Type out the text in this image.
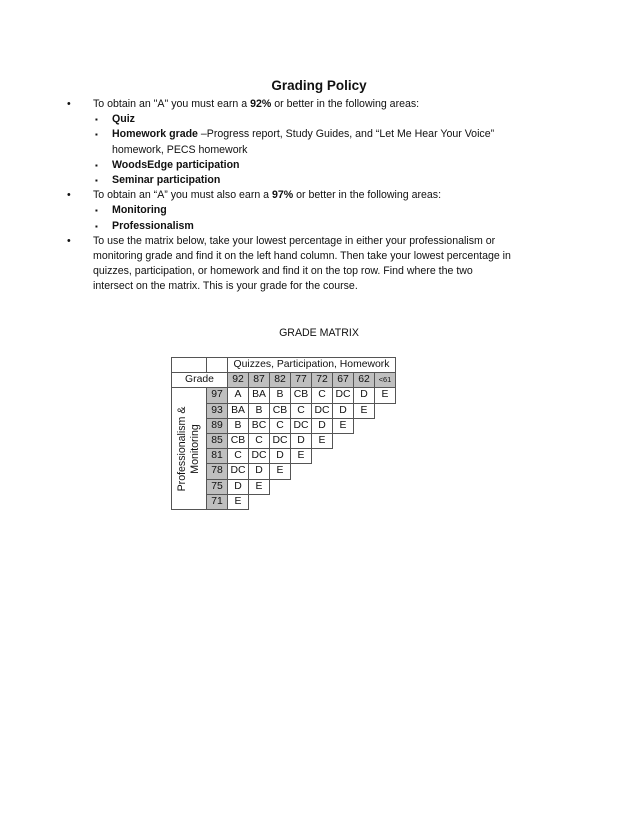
Grading Policy
• To obtain an "A" you must earn a 92% or better in the following areas:
▪ Quiz
▪ Homework grade –Progress report, Study Guides, and “Let Me Hear Your Voice”
homework, PECS homework
▪ WoodsEdge participation
▪ Seminar participation
• To obtain an “A” you must also earn a 97% or better in the following areas:
▪ Monitoring
▪ Professionalism
• To use the matrix below, take your lowest percentage in either your professionalism or
monitoring grade and find it on the left hand column. Then take your lowest percentage in
quizzes, participation, or homework and find it on the top row. Find where the two
intersect on the matrix. This is your grade for the course.
GRADE MATRIX
		Quizzes, Participation, Homework							
Grade		92	87	82	77	72	67	62	<61

Professionalism & Monitoring	97	A	BA	B	CB	C	DC	D	E
	93	BA	B	CB	C	DC	D	E	
	89	B	BC	C	DC	D	E		
	85	CB	C	DC	D	E			
	81	C	DC	D	E				
	78	DC	D	E					
	75	D	E						
	71	E							
